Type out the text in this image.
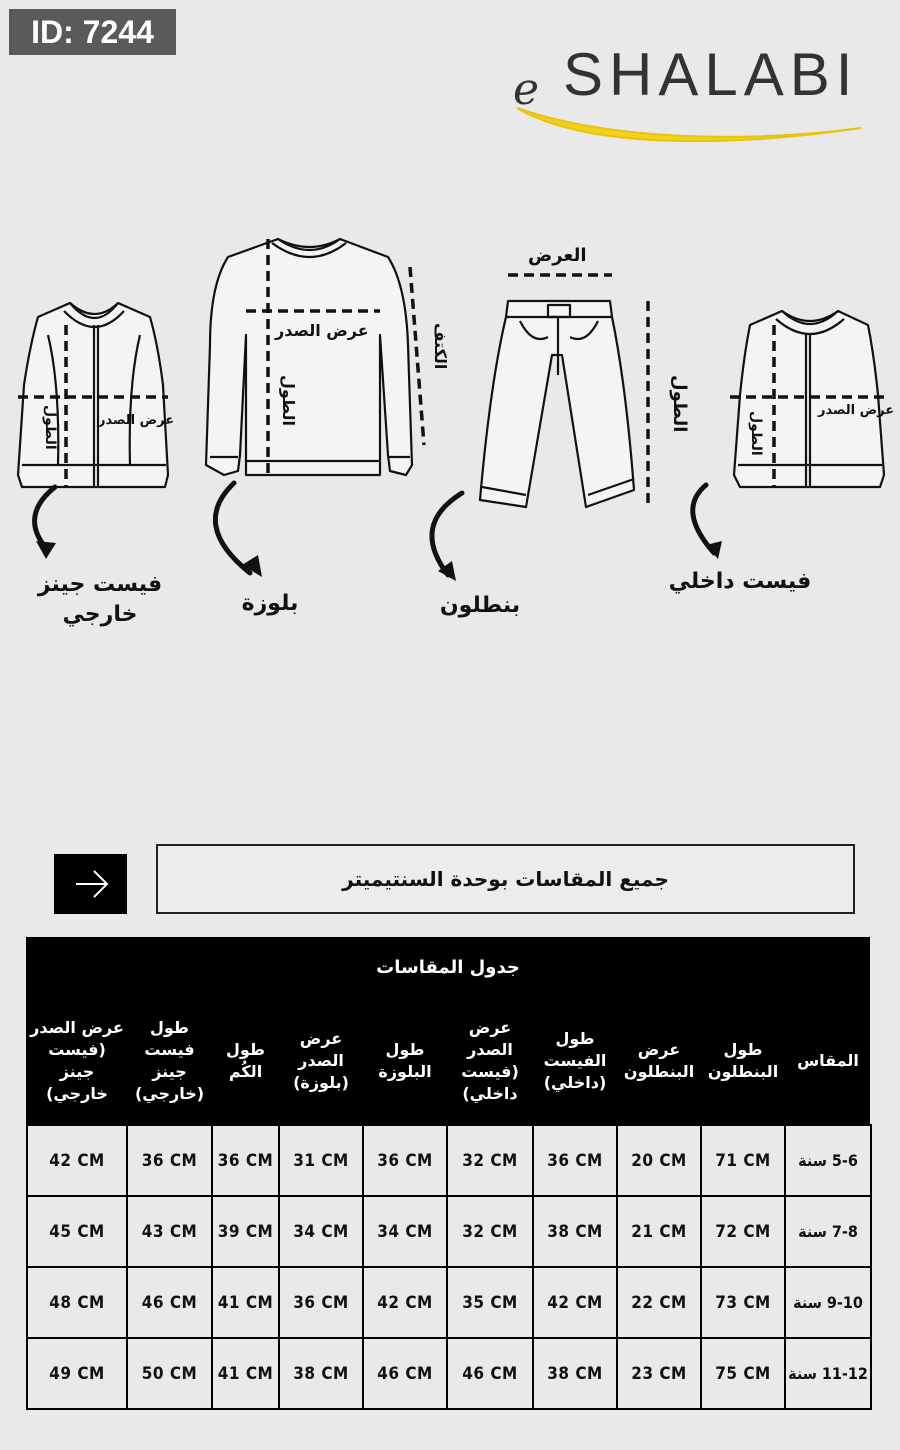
ID: 7244
e SHALABI
الطول	عرض الصدر
عرض الصدر
الطول
الكتف
العرض
الطول
الطول
عرض الصدر
فيست جينز خارجي	بلوزة	بنطلون
فيست داخلي
جميع المقاسات بوحدة السنتيميتر
جدول المقاسات
عرض الصدر (فيست جينز خارجي)	طول فيست جينز (خارجي)	طول الكُم	عرض الصدر (بلوزة)	طول البلوزة	عرض الصدر (فيست داخلي)	طول الفيست (داخلي)	عرض البنطلون	طول البنطلون	المقاس
42 CM	36 CM	36 CM	31 CM	36 CM	32 CM	36 CM	20 CM	71 CM	5-6 سنة
45 CM	43 CM	39 CM	34 CM	34 CM	32 CM	38 CM	21 CM	72 CM	7-8 سنة
48 CM	46 CM	41 CM	36 CM	42 CM	35 CM	42 CM	22 CM	73 CM	9-10 سنة
49 CM	50 CM	41 CM	38 CM	46 CM	46 CM	38 CM	23 CM	75 CM	11-12 سنة
